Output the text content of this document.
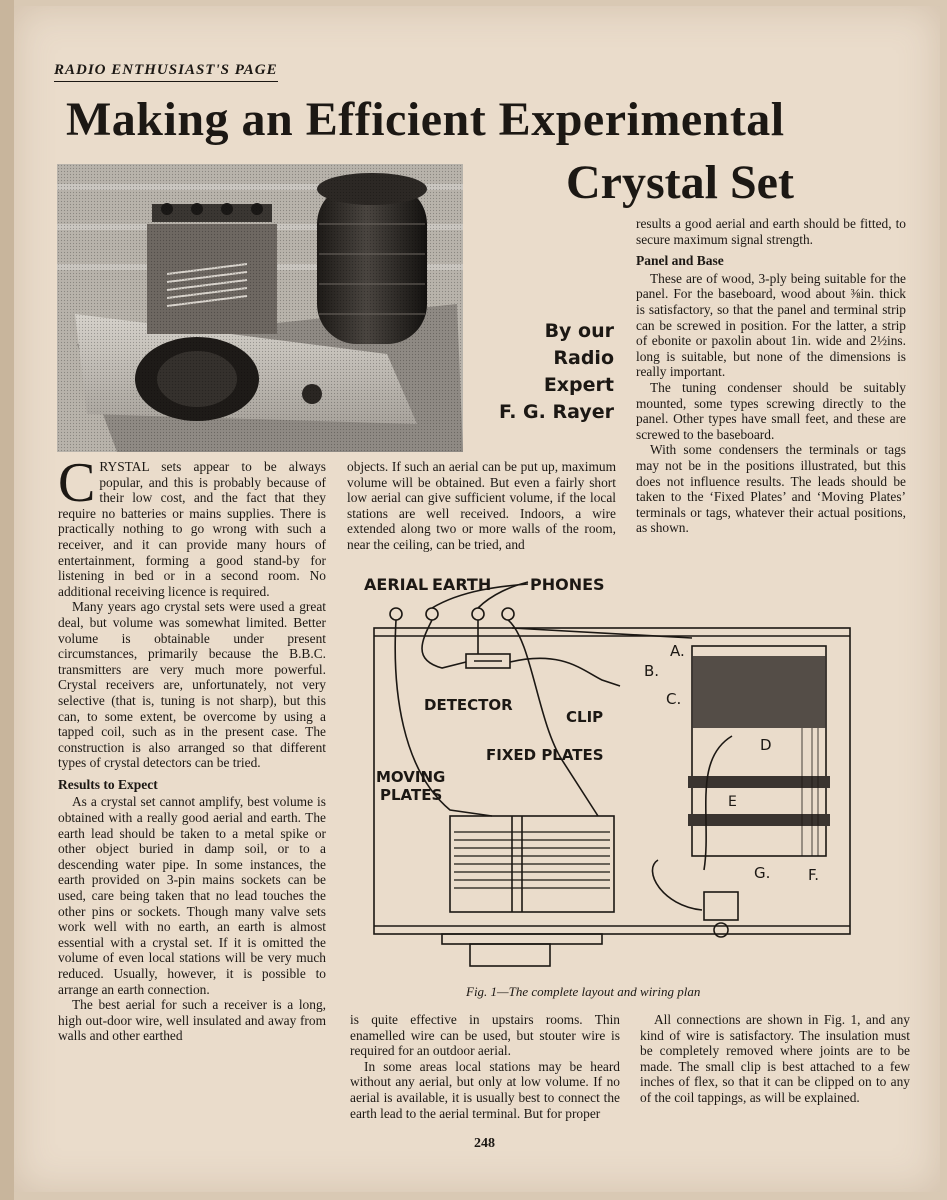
RADIO ENTHUSIAST'S PAGE
Making an Efficient Experimental
Crystal Set
By our
Radio Expert
F. G. Rayer

CRYSTAL sets appear to be always popular, and this is probably because of their low cost, and the fact that they require no batteries or mains supplies. There is practically nothing to go wrong with such a receiver, and it can provide many hours of entertainment, forming a good stand-by for listening in bed or in a second room. No additional receiving licence is required.

Many years ago crystal sets were used a great deal, but volume was somewhat limited. Better volume is obtainable under present circumstances, primarily because the B.B.C. transmitters are very much more powerful. Crystal receivers are, unfortunately, not very selective (that is, tuning is not sharp), but this can, to some extent, be overcome by using a tapped coil, such as in the present case. The construction is also arranged so that different types of crystal detectors can be tried.

Results to Expect

As a crystal set cannot amplify, best volume is obtained with a really good aerial and earth. The earth lead should be taken to a metal spike or other object buried in damp soil, or to a descending water pipe. In some instances, the earth provided on 3-pin mains sockets can be used, care being taken that no lead touches the other pins or sockets. Though many valve sets work well with no earth, an earth is almost essential with a crystal set. If it is omitted the volume of even local stations will be very much reduced. Usually, however, it is possible to arrange an earth connection.

The best aerial for such a receiver is a long, high out-door wire, well insulated and away from walls and other earthed

objects. If such an aerial can be put up, maximum volume will be obtained. But even a fairly short low aerial can give sufficient volume, if the local stations are well received. Indoors, a wire extended along two or more walls of the room, near the ceiling, can be tried, and

results a good aerial and earth should be fitted, to secure maximum signal strength.

Panel and Base

These are of wood, 3-ply being suitable for the panel. For the baseboard, wood about ⅜in. thick is satisfactory, so that the panel and terminal strip can be screwed in position. For the latter, a strip of ebonite or paxolin about 1in. wide and 2½ins. long is suitable, but none of the dimensions is really important.

The tuning condenser should be suitably mounted, some types screwing directly to the panel. Other types have small feet, and these are screwed to the baseboard.

With some condensers the terminals or tags may not be in the positions illustrated, but this does not influence results. The leads should be taken to the ‘Fixed Plates’ and ‘Moving Plates’ terminals or tags, whatever their actual positions, as shown.

AERIAL EARTH PHONES
DETECTOR
CLIP
FIXED PLATES
MOVING
PLATES
A.
B.
C.
D
E
F.
G.
Fig. 1—The complete layout and wiring plan

is quite effective in upstairs rooms. Thin enamelled wire can be used, but stouter wire is required for an outdoor aerial.

In some areas local stations may be heard without any aerial, but only at low volume. If no aerial is available, it is usually best to connect the earth lead to the aerial terminal. But for proper

All connections are shown in Fig. 1, and any kind of wire is satisfactory. The insulation must be completely removed where joints are to be made. The small clip is best attached to a few inches of flex, so that it can be clipped on to any of the coil tappings, as will be explained.

248
